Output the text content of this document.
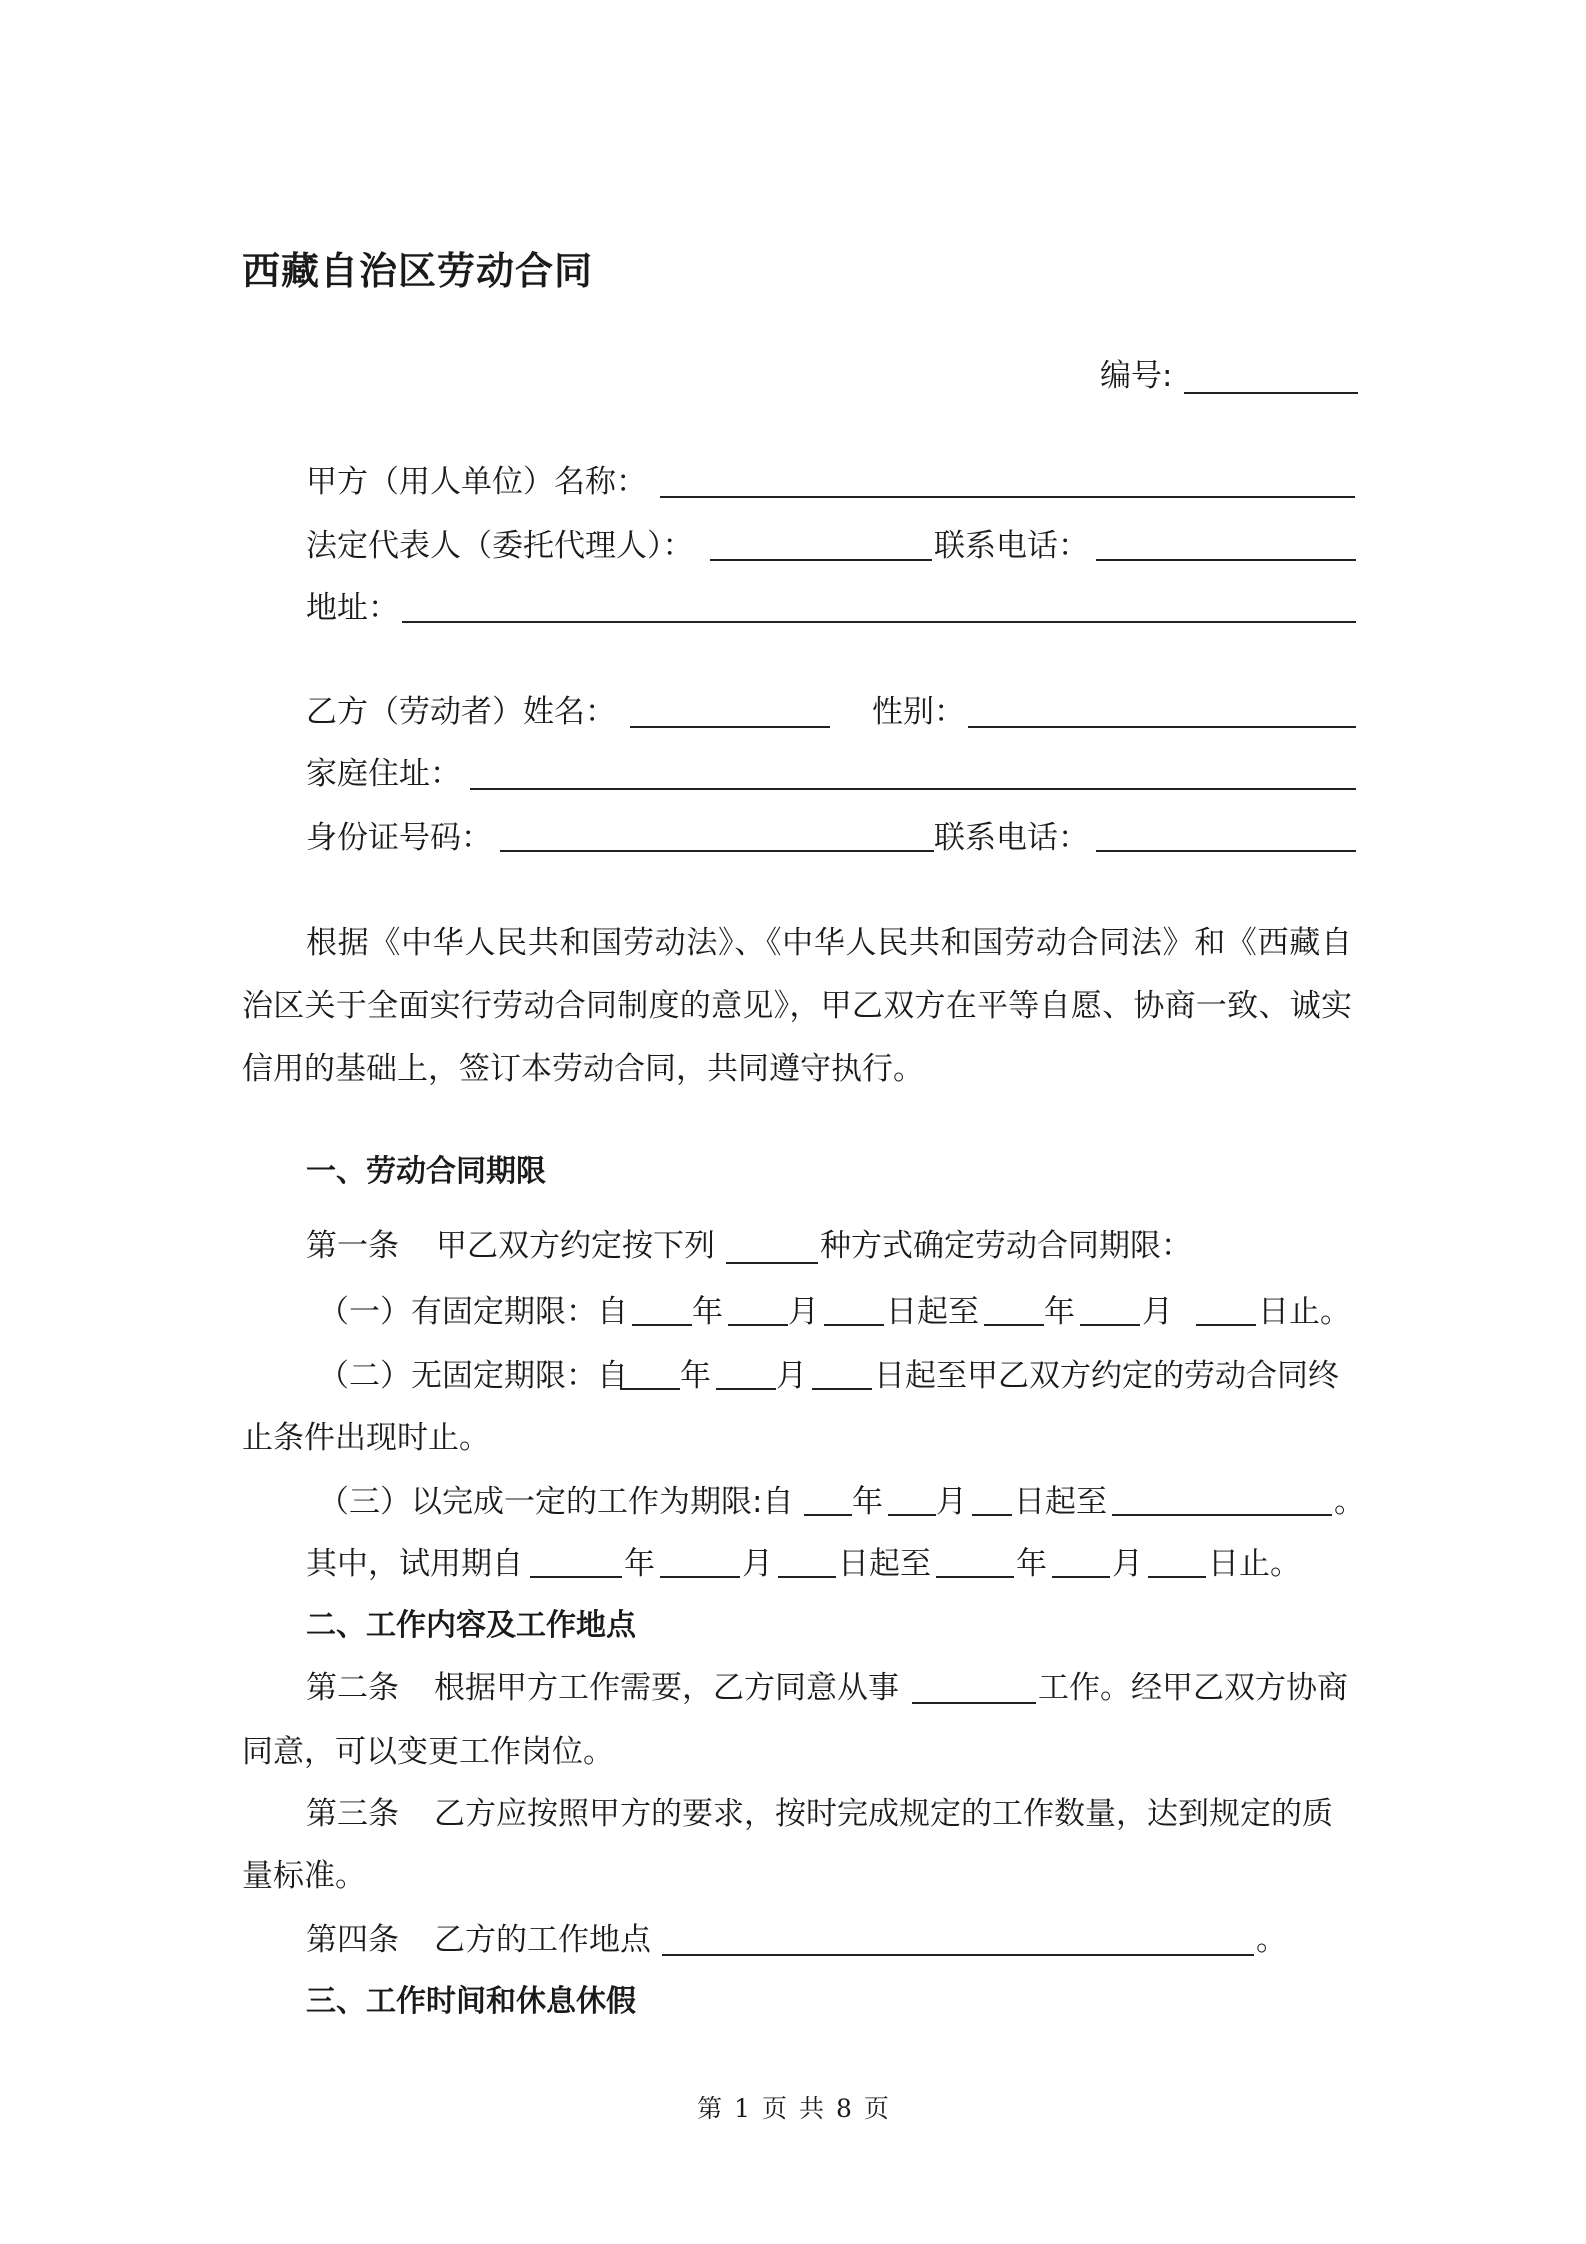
西藏自治区劳动合同
编号:
甲方（用人单位）名称：
法定代表人（委托代理人）：	联系电话：
地址：
乙方（劳动者）姓名：	性别：
家庭住址：
身份证号码：	联系电话：
根据《中华人民共和国劳动法》、《中华人民共和国劳动合同法》和《西藏自治区关于全面实行劳动合同制度的意见》，甲乙双方在平等自愿、协商一致、诚实信用的基础上，签订本劳动合同，共同遵守执行。
一、劳动合同期限
第一条 甲乙双方约定按下列	种方式确定劳动合同期限：
（一）有固定期限：自 年 月 日起至 年 月	日止。
（二）无固定期限：自 年 月 日起至甲乙双方约定的劳动合同终
止条件出现时止。
（三）以完成一定的工作为期限:自 年 月 日起至	。
其中，试用期自	年	月 日起至	年 月 日止。
二、工作内容及工作地点
第二条 根据甲方工作需要，乙方同意从事	工作。经甲乙双方协商
同意，可以变更工作岗位。
第三条 乙方应按照甲方的要求，按时完成规定的工作数量，达到规定的质
量标准。
第四条 乙方的工作地点	。
三、工作时间和休息休假
第 1 页 共 8 页
